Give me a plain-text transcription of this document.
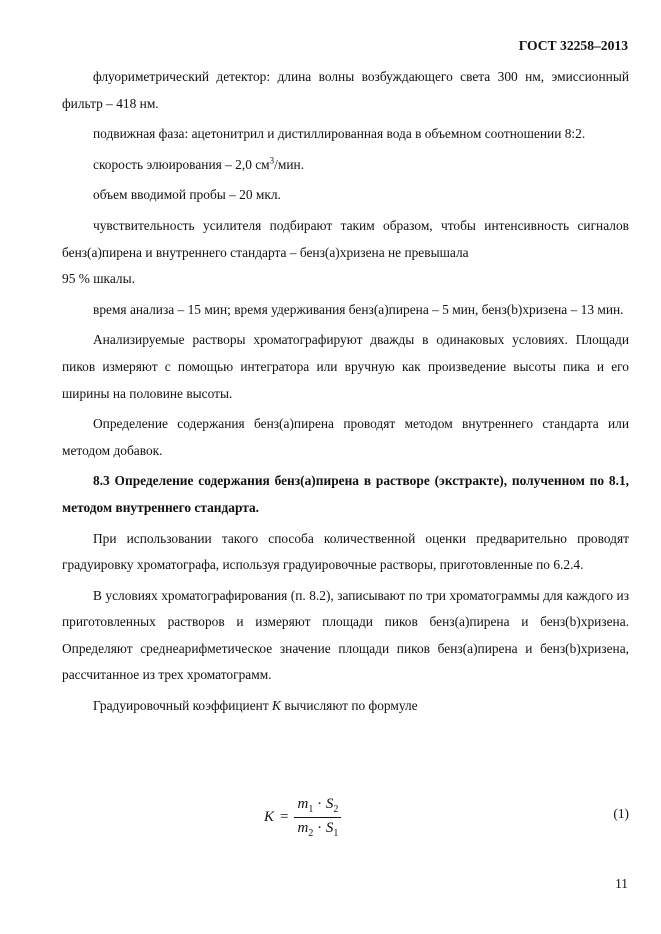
ГОСТ 32258–2013

флуориметрический детектор: длина волны возбуждающего света 300 нм, эмиссионный фильтр – 418 нм.

подвижная фаза: ацетонитрил и дистиллированная вода в объемном соотношении 8:2.

скорость элюирования – 2,0 $см^3$/мин.

объем вводимой пробы – 20 мкл.

чувствительность усилителя подбирают таким образом, чтобы интенсивность сигналов бенз(а)пирена и внутреннего стандарта – бенз(а)хризена не превышала

95 % шкалы.

время анализа – 15 мин; время удерживания бенз(а)пирена – 5 мин, бенз(b)хризена – 13 мин.

Анализируемые растворы хроматографируют дважды в одинаковых условиях. Площади пиков измеряют с помощью интегратора или вручную как произведение высоты пика и его ширины на половине высоты.

Определение содержания бенз(а)пирена проводят методом внутреннего стандарта или методом добавок.

8.3 Определение содержания бенз(а)пирена в растворе (экстракте), полученном по 8.1, методом внутреннего стандарта.

При использовании такого способа количественной оценки предварительно проводят градуировку хроматографа, используя градуировочные растворы, приготовленные по 6.2.4.

В условиях хроматографирования (п. 8.2), записывают по три хроматограммы для каждого из приготовленных растворов и измеряют площади пиков бенз(а)пирена и бенз(b)хризена. Определяют среднеарифметическое значение площади пиков бенз(а)пирена и бенз(b)хризена, рассчитанное из трех хроматограмм.

Градуировочный коэффициент K вычисляют по формуле

$K = \frac{m_1 \cdot S_2}{m_2 \cdot S_1}$	(1)
11
